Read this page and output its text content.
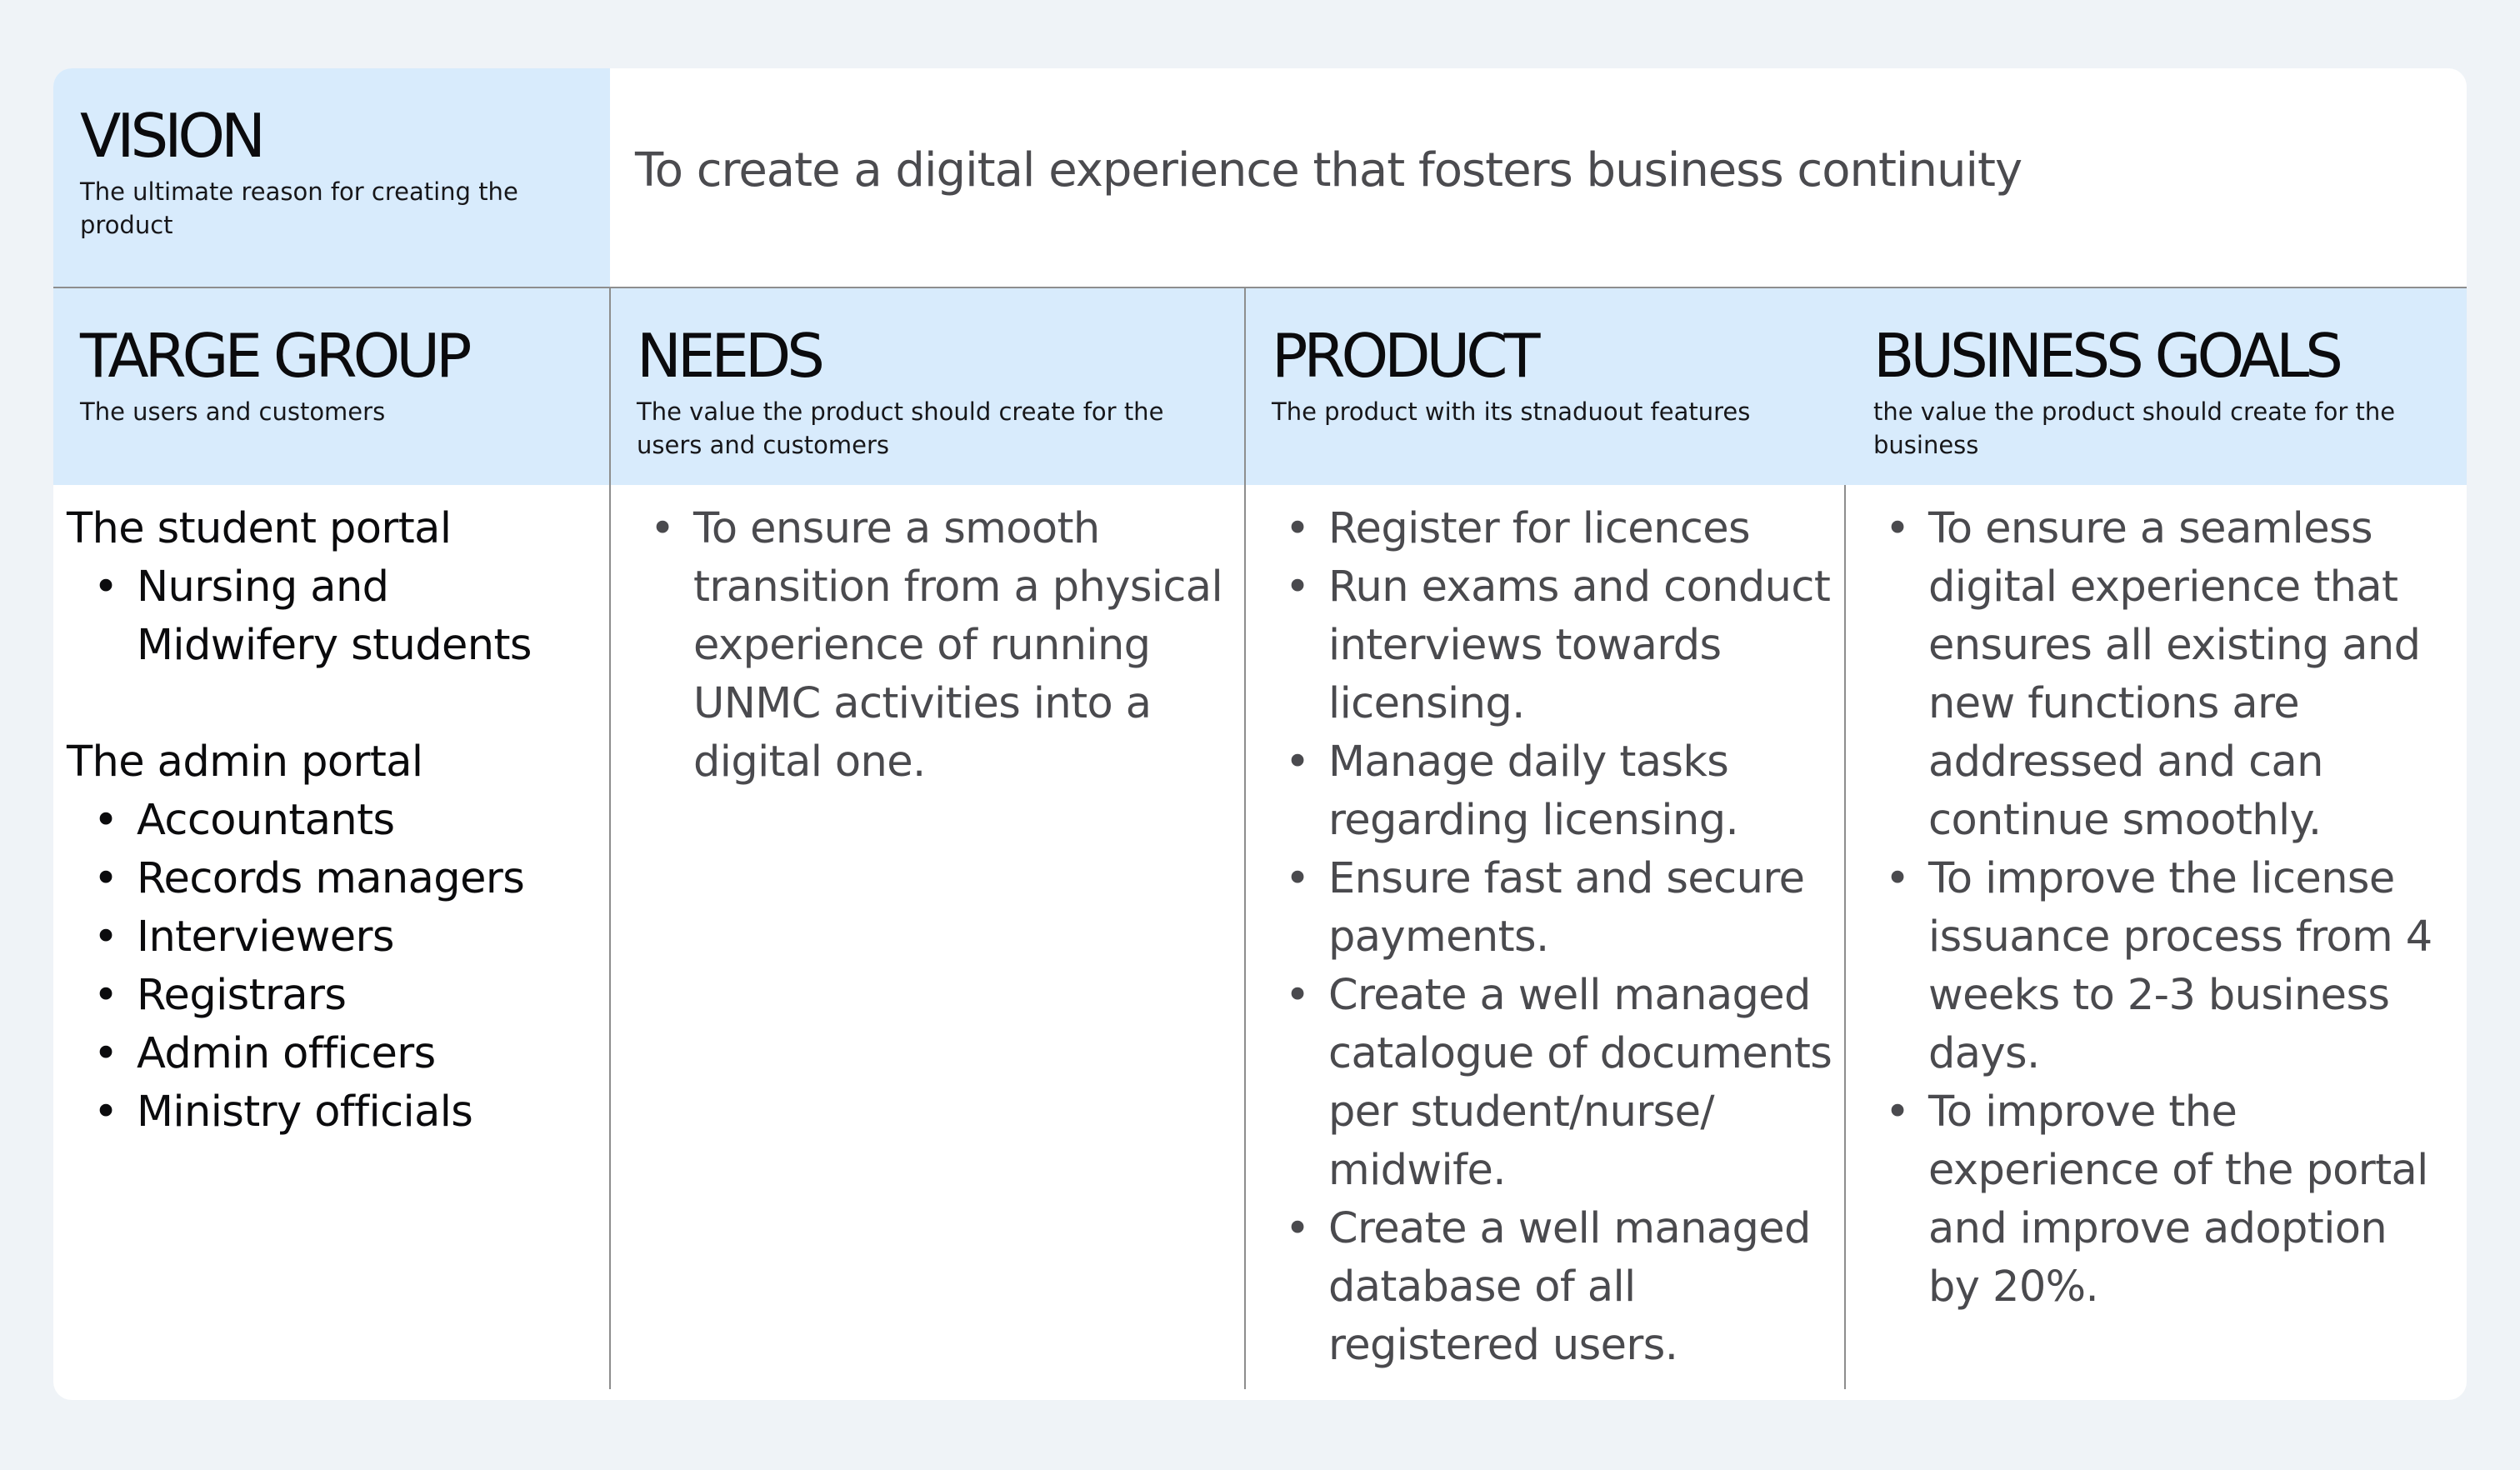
VISION
The ultimate reason for creating the product
To create a digital experience that fosters business continuity
TARGE GROUP
The users and customers
NEEDS
The value the product should create for the users and customers
PRODUCT
The product with its stnaduout features
BUSINESS GOALS
the value the product should create for the business
The student portal
• Nursing and Midwifery students
The admin portal
• Accountants
• Records managers
• Interviewers
• Registrars
• Admin officers
• Ministry officials
• To ensure a smooth transition from a physical experience of running UNMC activities into a digital one.
• Register for licences
• Run exams and conduct interviews towards licensing.
• Manage daily tasks regarding licensing.
• Ensure fast and secure payments.
• Create a well managed catalogue of documents per student/nurse/ midwife.
• Create a well managed database of all registered users.
• To ensure a seamless digital experience that ensures all existing and new functions are addressed and can continue smoothly.
• To improve the license issuance process from 4 weeks to 2-3 business days.
• To improve the experience of the portal and improve adoption by 20%.
